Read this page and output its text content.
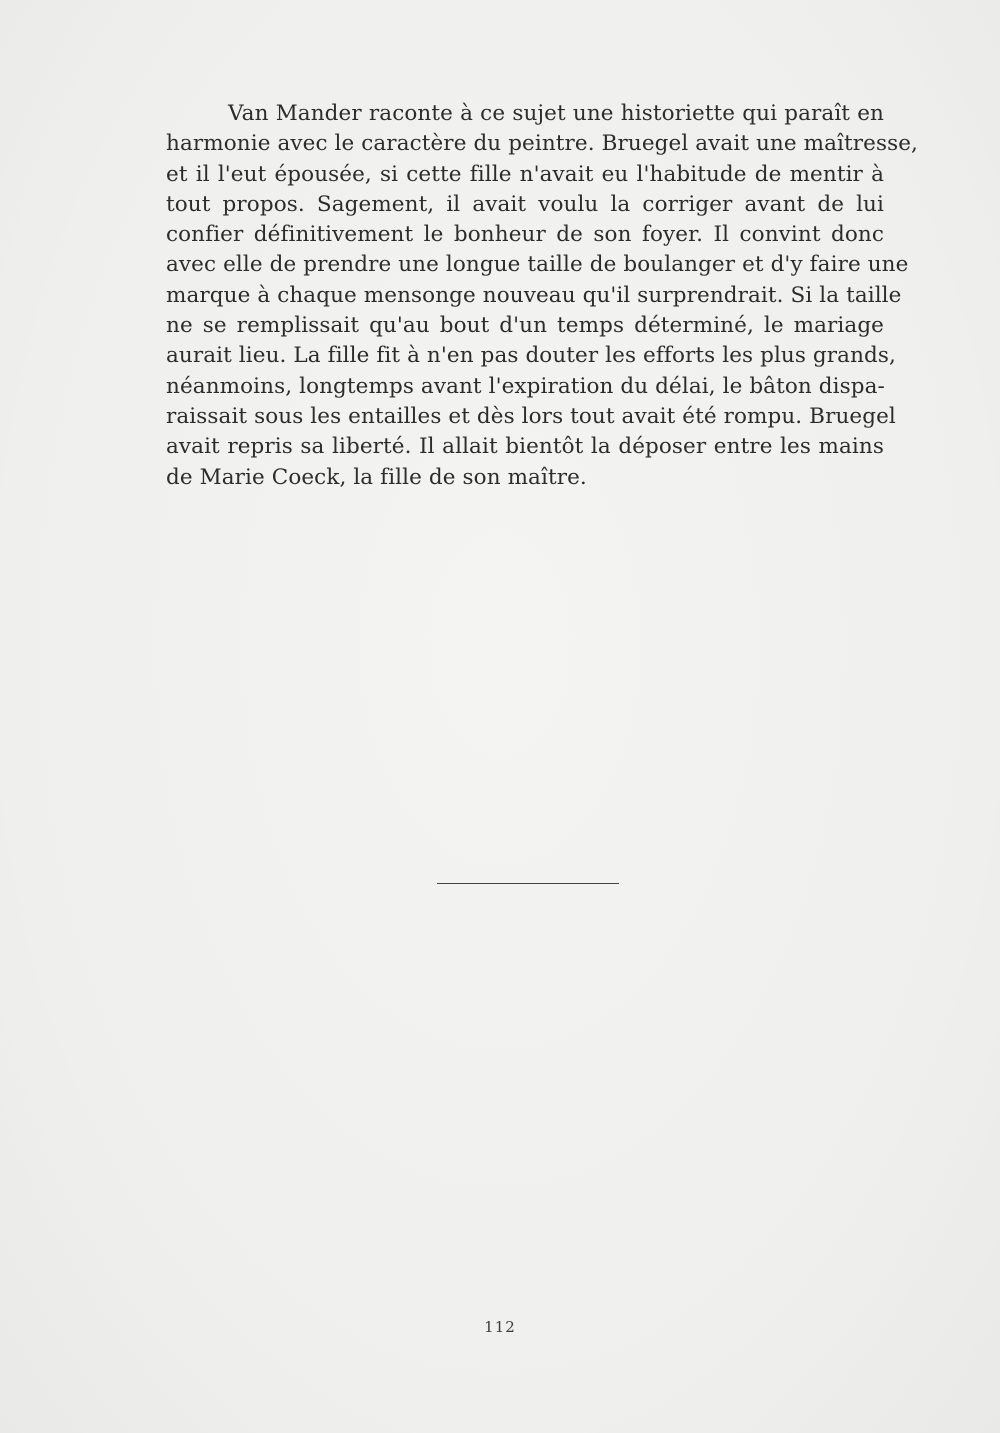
Van Mander raconte à ce sujet une historiette qui paraît en
harmonie avec le caractère du peintre. Bruegel avait une maîtresse,
et il l'eut épousée, si cette fille n'avait eu l'habitude de mentir à
tout propos. Sagement, il avait voulu la corriger avant de lui
confier définitivement le bonheur de son foyer. Il convint donc
avec elle de prendre une longue taille de boulanger et d'y faire une
marque à chaque mensonge nouveau qu'il surprendrait. Si la taille
ne se remplissait qu'au bout d'un temps déterminé, le mariage
aurait lieu. La fille fit à n'en pas douter les efforts les plus grands,
néanmoins, longtemps avant l'expiration du délai, le bâton dispa-
raissait sous les entailles et dès lors tout avait été rompu. Bruegel
avait repris sa liberté. Il allait bientôt la déposer entre les mains
de Marie Coeck, la fille de son maître.
112
